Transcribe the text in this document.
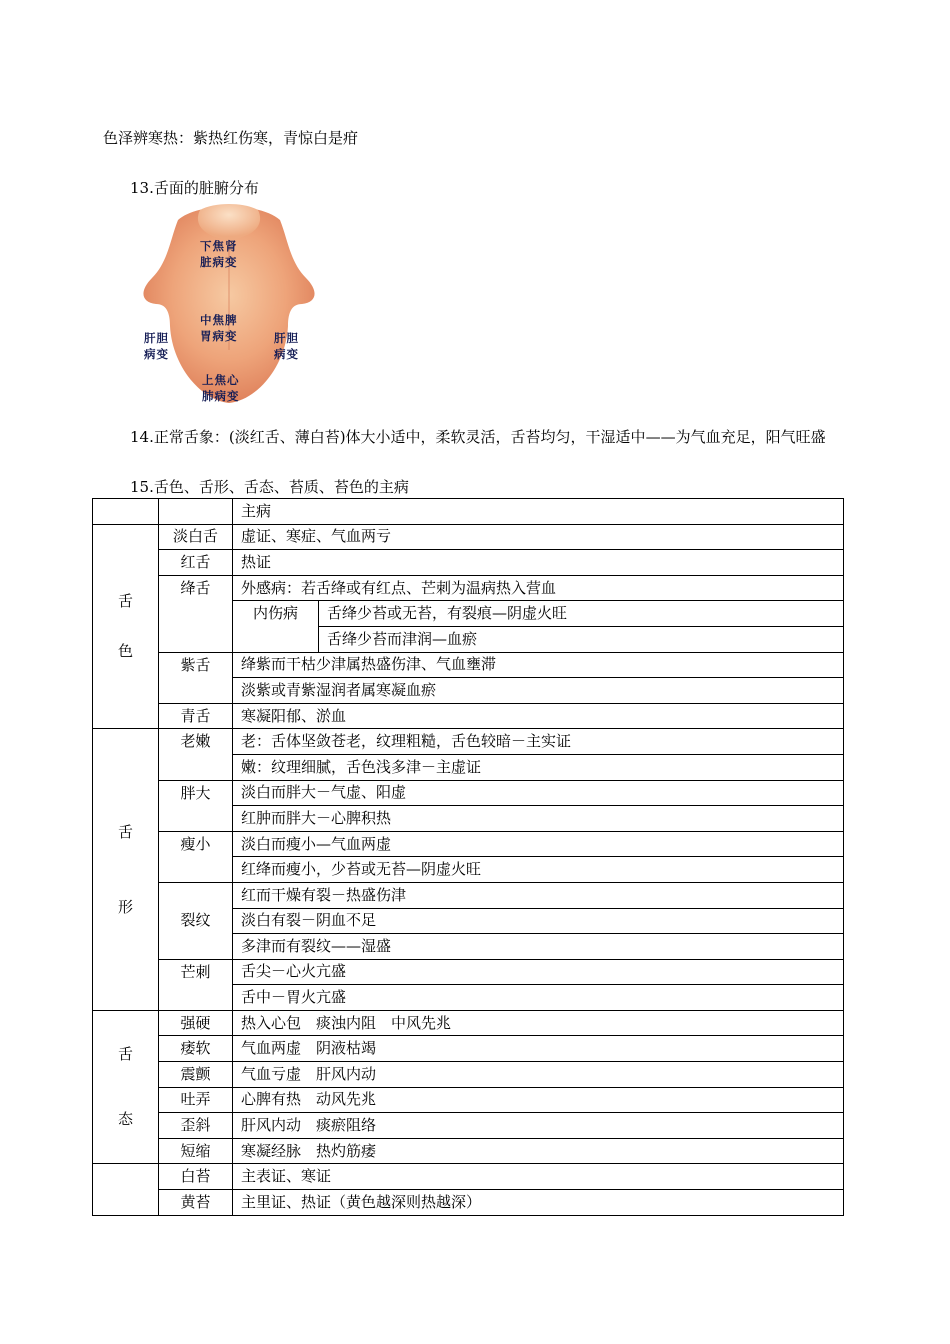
色泽辨寒热：紫热红伤寒，青惊白是疳
13.舌面的脏腑分布
下焦肾
脏病变
中焦脾
胃病变
肝胆
病变
肝胆
病变
上焦心
肺病变
14.正常舌象：(淡红舌、薄白苔)体大小适中，柔软灵活，舌苔均匀，干湿适中——为气血充足，阳气旺盛
15.舌色、舌形、舌态、苔质、苔色的主病
		主病	

舌
色	淡白舌	虚证、寒症、气血两亏	
	红舌	热证	

	绛舌	外感病：若舌绛或有红点、芒刺为温病热入营血	

		内伤病	舌绛少苔或无苔，有裂痕—阴虚火旺
			舌绛少苔而津润—血瘀

	紫舌	绛紫而干枯少津属热盛伤津、气血壅滞	
		淡紫或青紫湿润者属寒凝血瘀	
	青舌	寒凝阳郁、淤血	

舌
形	老嫩	老：舌体坚敛苍老，纹理粗糙，舌色较暗－主实证	
		嫩：纹理细腻，舌色浅多津－主虚证	

	胖大	淡白而胖大－气虚、阳虚	
		红肿而胖大－心脾积热	

	瘦小	淡白而瘦小—气血两虚	
		红绛而瘦小，少苔或无苔—阴虚火旺	
	裂纹	红而干燥有裂－热盛伤津	
		淡白有裂－阴血不足	
		多津而有裂纹——湿盛	

	芒刺	舌尖－心火亢盛	
		舌中－胃火亢盛	

舌
态	强硬	热入心包　痰浊内阻　中风先兆	
	痿软	气血两虚　阴液枯竭	
	震颤	气血亏虚　肝风内动	
	吐弄	心脾有热　动风先兆	
	歪斜	肝风内动　痰瘀阻络	
	短缩	寒凝经脉　热灼筋痿	
	白苔	主表证、寒证	
	黄苔	主里证、热证（黄色越深则热越深）	
